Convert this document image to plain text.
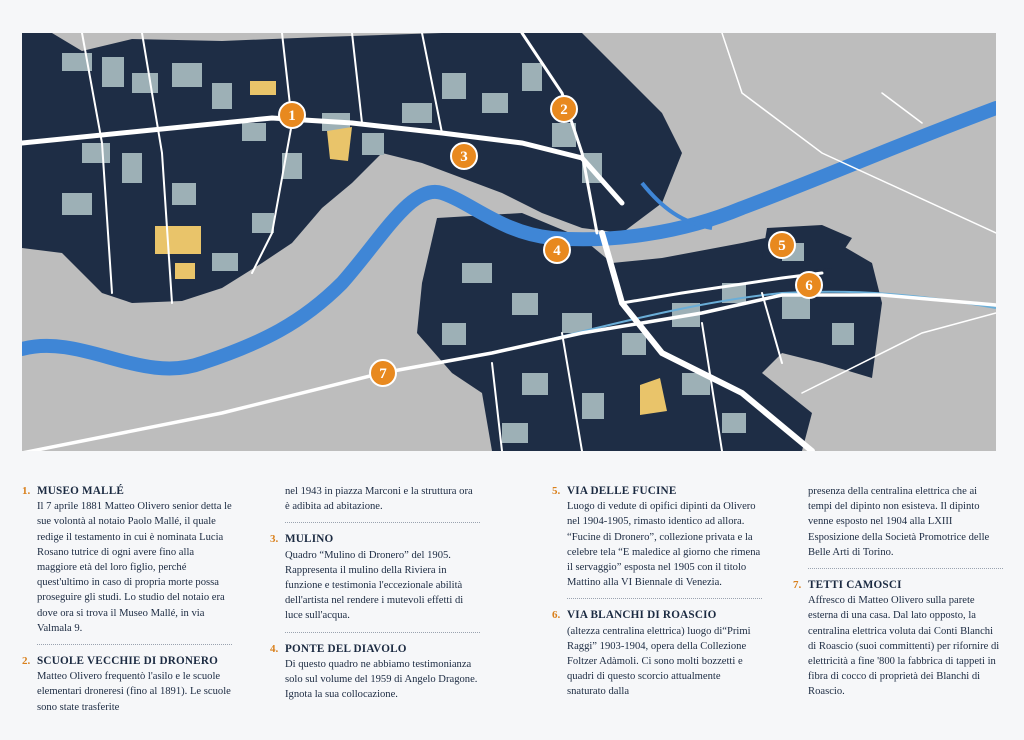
1	2
3
4	5
6
7
1. MUSEO MALLÉ
Il 7 aprile 1881 Matteo Olivero senior detta le sue volontà al notaio Paolo Mallé, il quale redige il testamento in cui è nominata Lucia Rosano tutrice di ogni avere fino alla maggiore età del loro figlio, perché quest'ultimo in caso di propria morte possa proseguire gli studi. Lo studio del notaio era dove ora si trova il Museo Mallé, in via Valmala 9.
2. SCUOLE VECCHIE DI DRONERO
Matteo Olivero frequentò l'asilo e le scuole elementari droneresi (fino al 1891). Le scuole sono state trasferite
nel 1943 in piazza Marconi e la struttura ora è adibita ad abitazione.
3. MULINO
Quadro “Mulino di Dronero” del 1905. Rappresenta il mulino della Riviera in funzione e testimonia l'eccezionale abilità dell'artista nel rendere i mutevoli effetti di luce sull'acqua.
4. PONTE DEL DIAVOLO
Di questo quadro ne abbiamo testimonianza solo sul volume del 1959 di Angelo Dragone. Ignota la sua collocazione.
5. VIA DELLE FUCINE
Luogo di vedute di opifici dipinti da Olivero nel 1904-1905, rimasto identico ad allora. “Fucine di Dronero”, collezione privata e la celebre tela “E maledice al giorno che rimena il servaggio” esposta nel 1905 con il titolo Mattino alla VI Biennale di Venezia.
6. VIA BLANCHI DI ROASCIO
(altezza centralina elettrica) luogo di“Primi Raggi” 1903-1904, opera della Collezione Foltzer Adàmoli. Ci sono molti bozzetti e quadri di questo scorcio attualmente snaturato dalla
presenza della centralina elettrica che ai tempi del dipinto non esisteva. Il dipinto venne esposto nel 1904 alla LXIII Esposizione della Società Promotrice delle Belle Arti di Torino.
7. TETTI CAMOSCI
Affresco di Matteo Olivero sulla parete esterna di una casa. Dal lato opposto, la centralina elettrica voluta dai Conti Blanchi di Roascio (suoi committenti) per rifornire di elettricità a fine '800 la fabbrica di tappeti in fibra di cocco di proprietà dei Blanchi di Roascio.
